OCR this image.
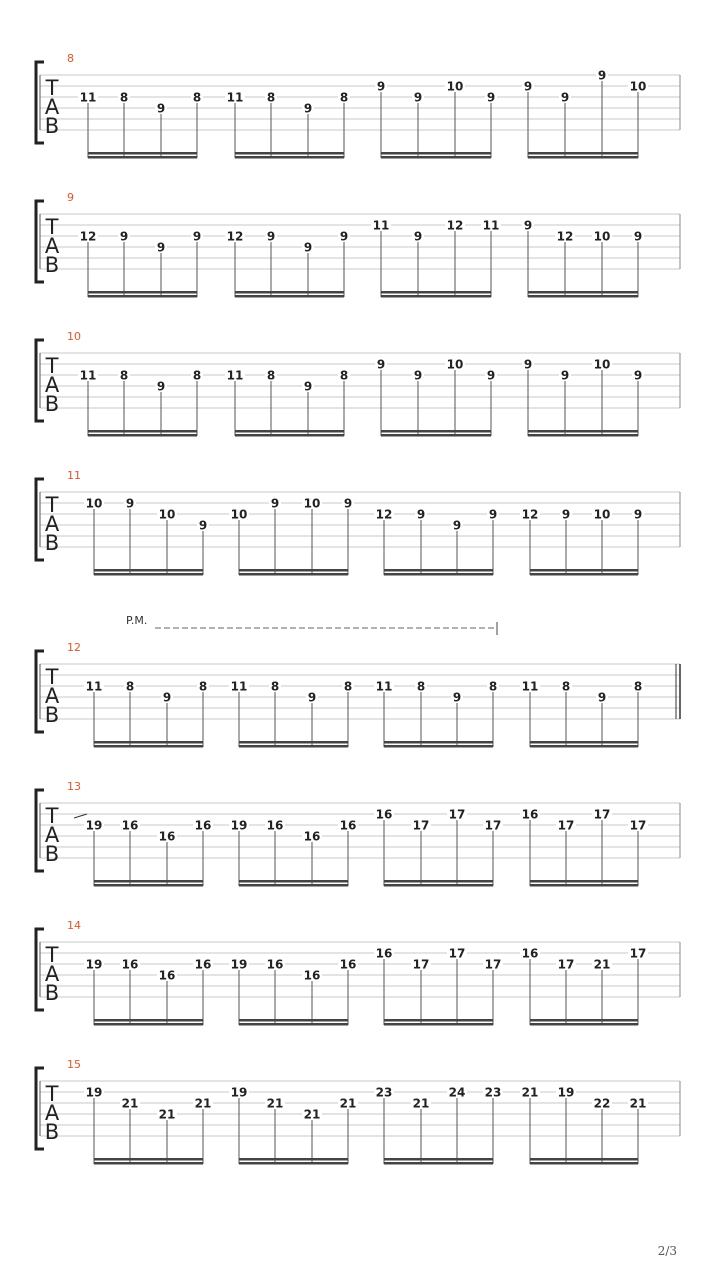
8
T
A
B
11 8
9
8 11 8
9
8
9
9
10
9
9
9
9
10
9
T
A
B
12 9
9
9 12 9
9
9
11
9
12 11 9
12 10 9
10
T
A
B
11 8
9
8 11 8
9
8
9
9
10
9
9
9
10
9
11
T
A
B
10 9
10
9
10
9 10 9
12 9
9
9 12 9 10 9
12
T
A
B
11 8
9
8 11 8
9
8 11 8
9
8 11 8
9
8
13
T
A
B
19 16
16
16 19 16
16
16
16
17
17
17
16
17
17
17
14
T
A
B
19 16
16
16 19 16
16
16
16
17
17
17
16
17 21
17
15
T
A
B
19
21
21
21
19
21
21
21
23
21
24 23 21 19
22 21
P.M.
2/3
